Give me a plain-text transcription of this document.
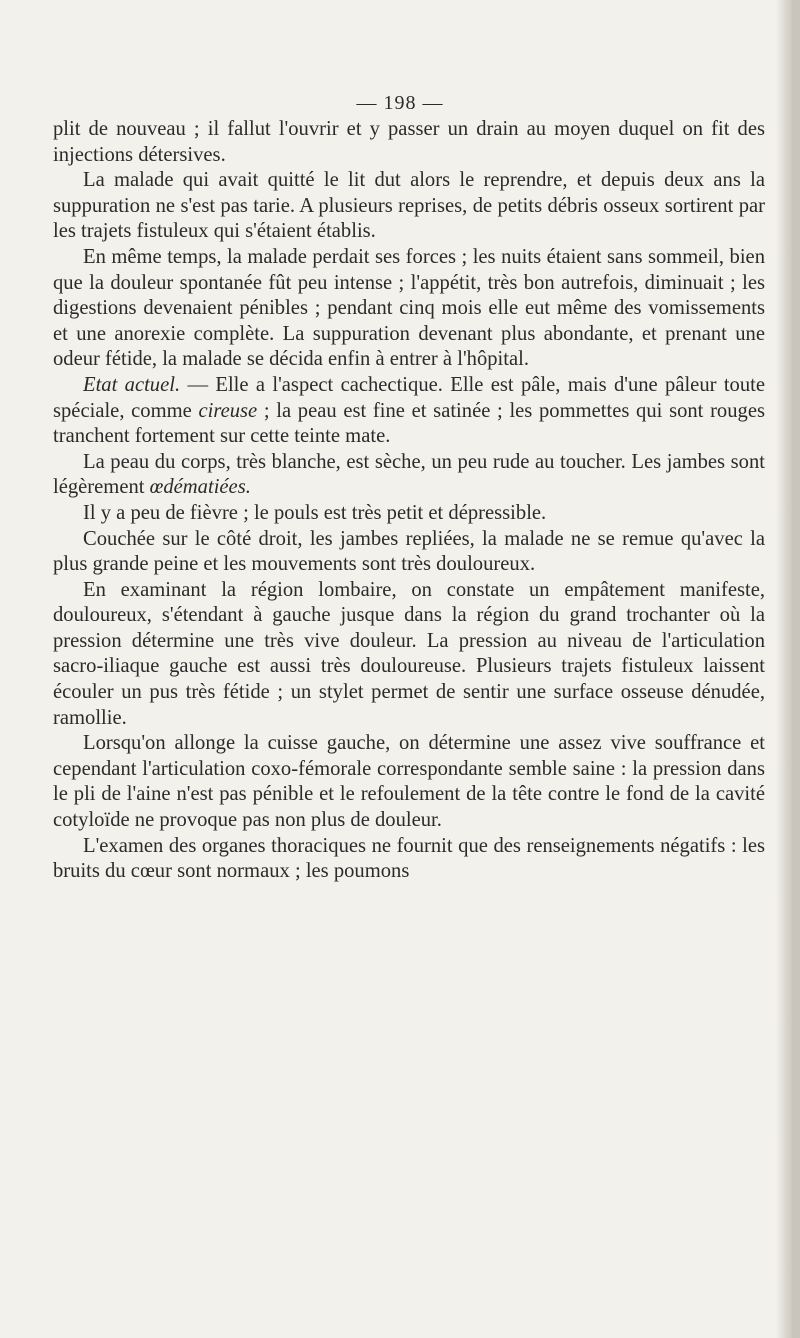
— 198 —

plit de nouveau ; il fallut l'ouvrir et y passer un drain au moyen duquel on fit des injections détersives.

La malade qui avait quitté le lit dut alors le reprendre, et depuis deux ans la suppuration ne s'est pas tarie. A plusieurs reprises, de petits débris osseux sortirent par les trajets fistuleux qui s'étaient établis.

En même temps, la malade perdait ses forces ; les nuits étaient sans sommeil, bien que la douleur spontanée fût peu intense ; l'appétit, très bon autrefois, diminuait ; les digestions devenaient pénibles ; pendant cinq mois elle eut même des vomissements et une anorexie complète. La suppuration devenant plus abondante, et prenant une odeur fétide, la malade se décida enfin à entrer à l'hôpital.

Etat actuel. — Elle a l'aspect cachectique. Elle est pâle, mais d'une pâleur toute spéciale, comme cireuse ; la peau est fine et satinée ; les pommettes qui sont rouges tranchent fortement sur cette teinte mate.

La peau du corps, très blanche, est sèche, un peu rude au toucher. Les jambes sont légèrement œdématiées.

Il y a peu de fièvre ; le pouls est très petit et dépressible.

Couchée sur le côté droit, les jambes repliées, la malade ne se remue qu'avec la plus grande peine et les mouvements sont très douloureux.

En examinant la région lombaire, on constate un empâtement manifeste, douloureux, s'étendant à gauche jusque dans la région du grand trochanter où la pression détermine une très vive douleur. La pression au niveau de l'articulation sacro-iliaque gauche est aussi très douloureuse. Plusieurs trajets fistuleux laissent écouler un pus très fétide ; un stylet permet de sentir une surface osseuse dénudée, ramollie.

Lorsqu'on allonge la cuisse gauche, on détermine une assez vive souffrance et cependant l'articulation coxo-fémorale correspondante semble saine : la pression dans le pli de l'aine n'est pas pénible et le refoulement de la tête contre le fond de la cavité cotyloïde ne provoque pas non plus de douleur.

L'examen des organes thoraciques ne fournit que des renseignements négatifs : les bruits du cœur sont normaux ; les poumons
